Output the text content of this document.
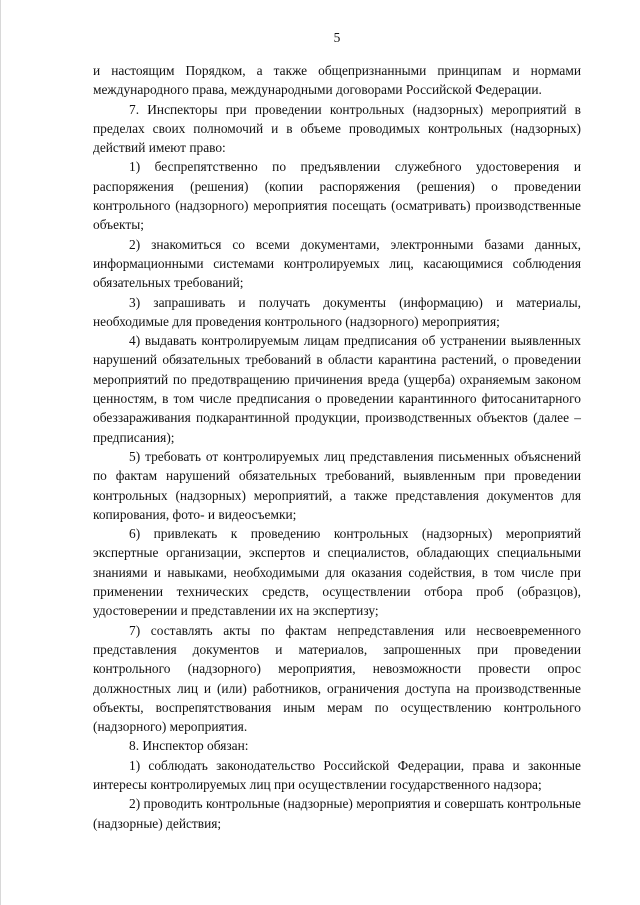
5

и настоящим Порядком, а также общепризнанными принципам и нормами международного права, международными договорами Российской Федерации.

7. Инспекторы при проведении контрольных (надзорных) мероприятий в пределах своих полномочий и в объеме проводимых контрольных (надзорных) действий имеют право:

1) беспрепятственно по предъявлении служебного удостоверения и распоряжения (решения) (копии распоряжения (решения) о проведении контрольного (надзорного) мероприятия посещать (осматривать) производственные объекты;

2) знакомиться со всеми документами, электронными базами данных, информационными системами контролируемых лиц, касающимися соблюдения обязательных требований;

3) запрашивать и получать документы (информацию) и материалы, необходимые для проведения контрольного (надзорного) мероприятия;

4) выдавать контролируемым лицам предписания об устранении выявленных нарушений обязательных требований в области карантина растений, о проведении мероприятий по предотвращению причинения вреда (ущерба) охраняемым законом ценностям, в том числе предписания о проведении карантинного фитосанитарного обеззараживания подкарантинной продукции, производственных объектов (далее – предписания);

5) требовать от контролируемых лиц представления письменных объяснений по фактам нарушений обязательных требований, выявленным при проведении контрольных (надзорных) мероприятий, а также представления документов для копирования, фото- и видеосъемки;

6) привлекать к проведению контрольных (надзорных) мероприятий экспертные организации, экспертов и специалистов, обладающих специальными знаниями и навыками, необходимыми для оказания содействия, в том числе при применении технических средств, осуществлении отбора проб (образцов), удостоверении и представлении их на экспертизу;

7) составлять акты по фактам непредставления или несвоевременного представления документов и материалов, запрошенных при проведении контрольного (надзорного) мероприятия, невозможности провести опрос должностных лиц и (или) работников, ограничения доступа на производственные объекты, воспрепятствования иным мерам по осуществлению контрольного (надзорного) мероприятия.

8. Инспектор обязан:

1) соблюдать законодательство Российской Федерации, права и законные интересы контролируемых лиц при осуществлении государственного надзора;

2) проводить контрольные (надзорные) мероприятия и совершать контрольные (надзорные) действия;
